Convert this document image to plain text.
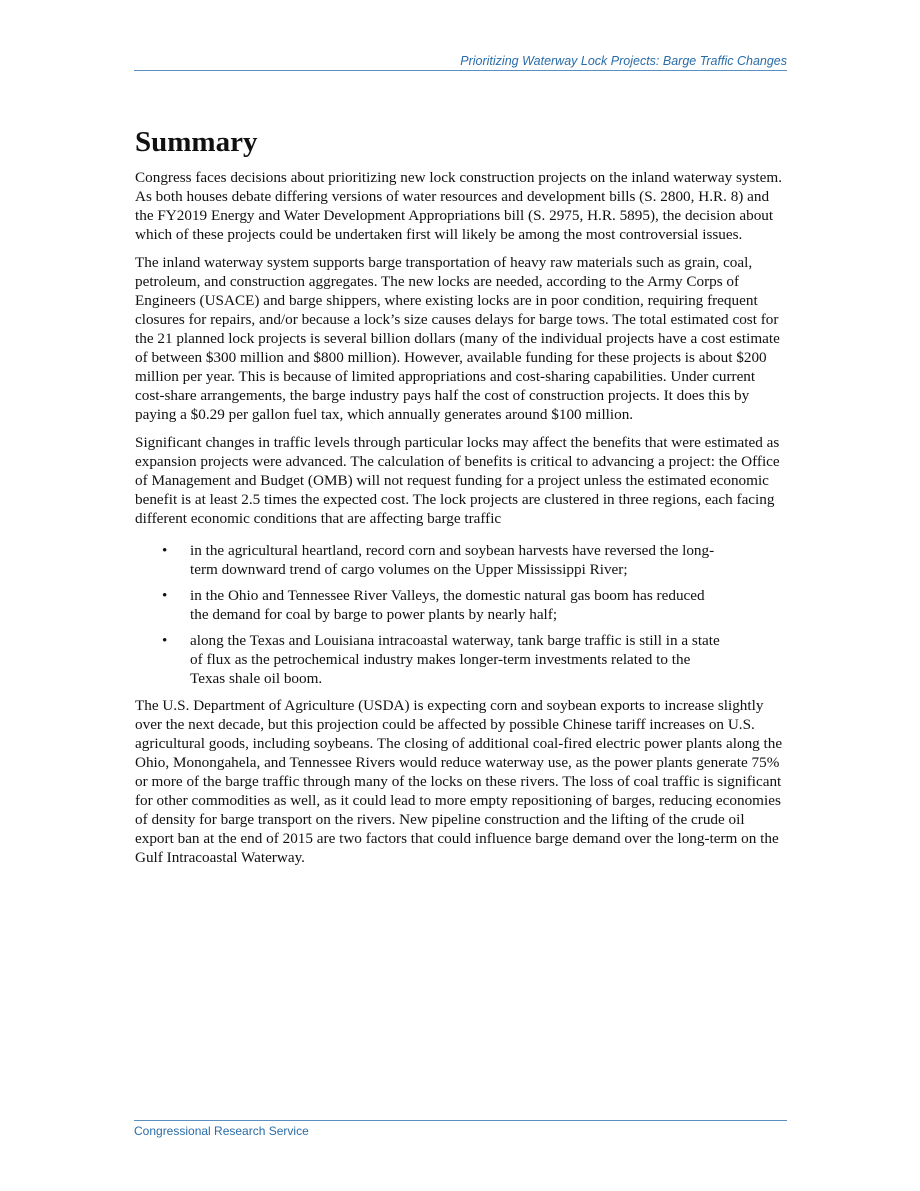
Prioritizing Waterway Lock Projects: Barge Traffic Changes
Summary

Congress faces decisions about prioritizing new lock construction projects on the inland waterway system. As both houses debate differing versions of water resources and development bills (S. 2800, H.R. 8) and the FY2019 Energy and Water Development Appropriations bill (S. 2975, H.R. 5895), the decision about which of these projects could be undertaken first will likely be among the most controversial issues.

The inland waterway system supports barge transportation of heavy raw materials such as grain, coal, petroleum, and construction aggregates. The new locks are needed, according to the Army Corps of Engineers (USACE) and barge shippers, where existing locks are in poor condition, requiring frequent closures for repairs, and/or because a lock’s size causes delays for barge tows. The total estimated cost for the 21 planned lock projects is several billion dollars (many of the individual projects have a cost estimate of between $300 million and $800 million). However, available funding for these projects is about $200 million per year. This is because of limited appropriations and cost-sharing capabilities. Under current cost-share arrangements, the barge industry pays half the cost of construction projects. It does this by paying a $0.29 per gallon fuel tax, which annually generates around $100 million.

Significant changes in traffic levels through particular locks may affect the benefits that were estimated as expansion projects were advanced. The calculation of benefits is critical to advancing a project: the Office of Management and Budget (OMB) will not request funding for a project unless the estimated economic benefit is at least 2.5 times the expected cost. The lock projects are clustered in three regions, each facing different economic conditions that are affecting barge traffic

• in the agricultural heartland, record corn and soybean harvests have reversed the long-term downward trend of cargo volumes on the Upper Mississippi River;
• in the Ohio and Tennessee River Valleys, the domestic natural gas boom has reduced the demand for coal by barge to power plants by nearly half;
• along the Texas and Louisiana intracoastal waterway, tank barge traffic is still in a state of flux as the petrochemical industry makes longer-term investments related to the Texas shale oil boom.

The U.S. Department of Agriculture (USDA) is expecting corn and soybean exports to increase slightly over the next decade, but this projection could be affected by possible Chinese tariff increases on U.S. agricultural goods, including soybeans. The closing of additional coal-fired electric power plants along the Ohio, Monongahela, and Tennessee Rivers would reduce waterway use, as the power plants generate 75% or more of the barge traffic through many of the locks on these rivers. The loss of coal traffic is significant for other commodities as well, as it could lead to more empty repositioning of barges, reducing economies of density for barge transport on the rivers. New pipeline construction and the lifting of the crude oil export ban at the end of 2015 are two factors that could influence barge demand over the long-term on the Gulf Intracoastal Waterway.

Congressional Research Service
